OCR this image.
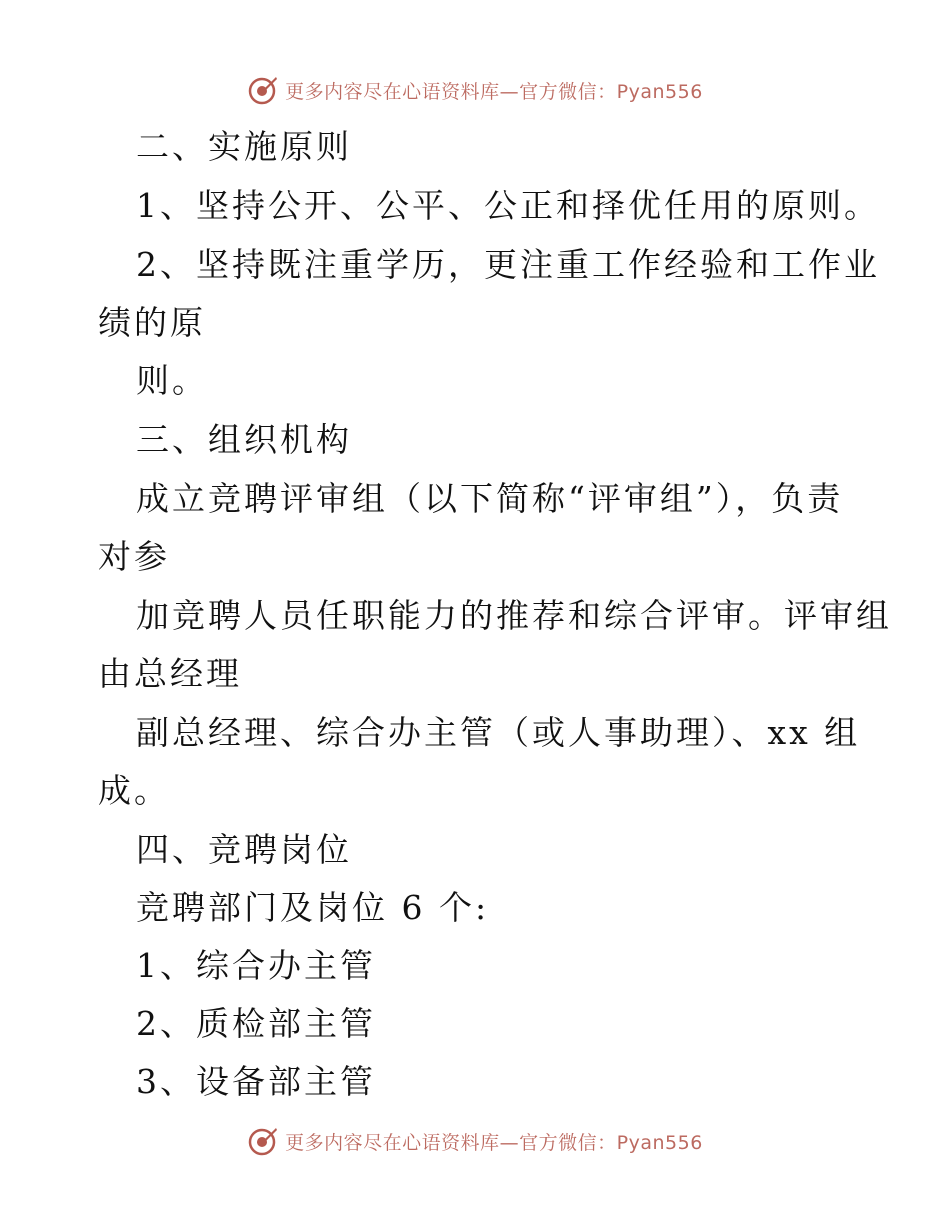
更多内容尽在心语资料库—官方微信：Pyan556
二、实施原则
1、坚持公开、公平、公正和择优任用的原则。
2、坚持既注重学历，更注重工作经验和工作业
绩的原
则。
三、组织机构
成立竞聘评审组（以下简称“评审组”），负责
对参
加竞聘人员任职能力的推荐和综合评审。评审组
由总经理
副总经理、综合办主管（或人事助理）、xx 组
成。
四、竞聘岗位
竞聘部门及岗位 6 个:
1、综合办主管
2、质检部主管
3、设备部主管
更多内容尽在心语资料库—官方微信：Pyan556
